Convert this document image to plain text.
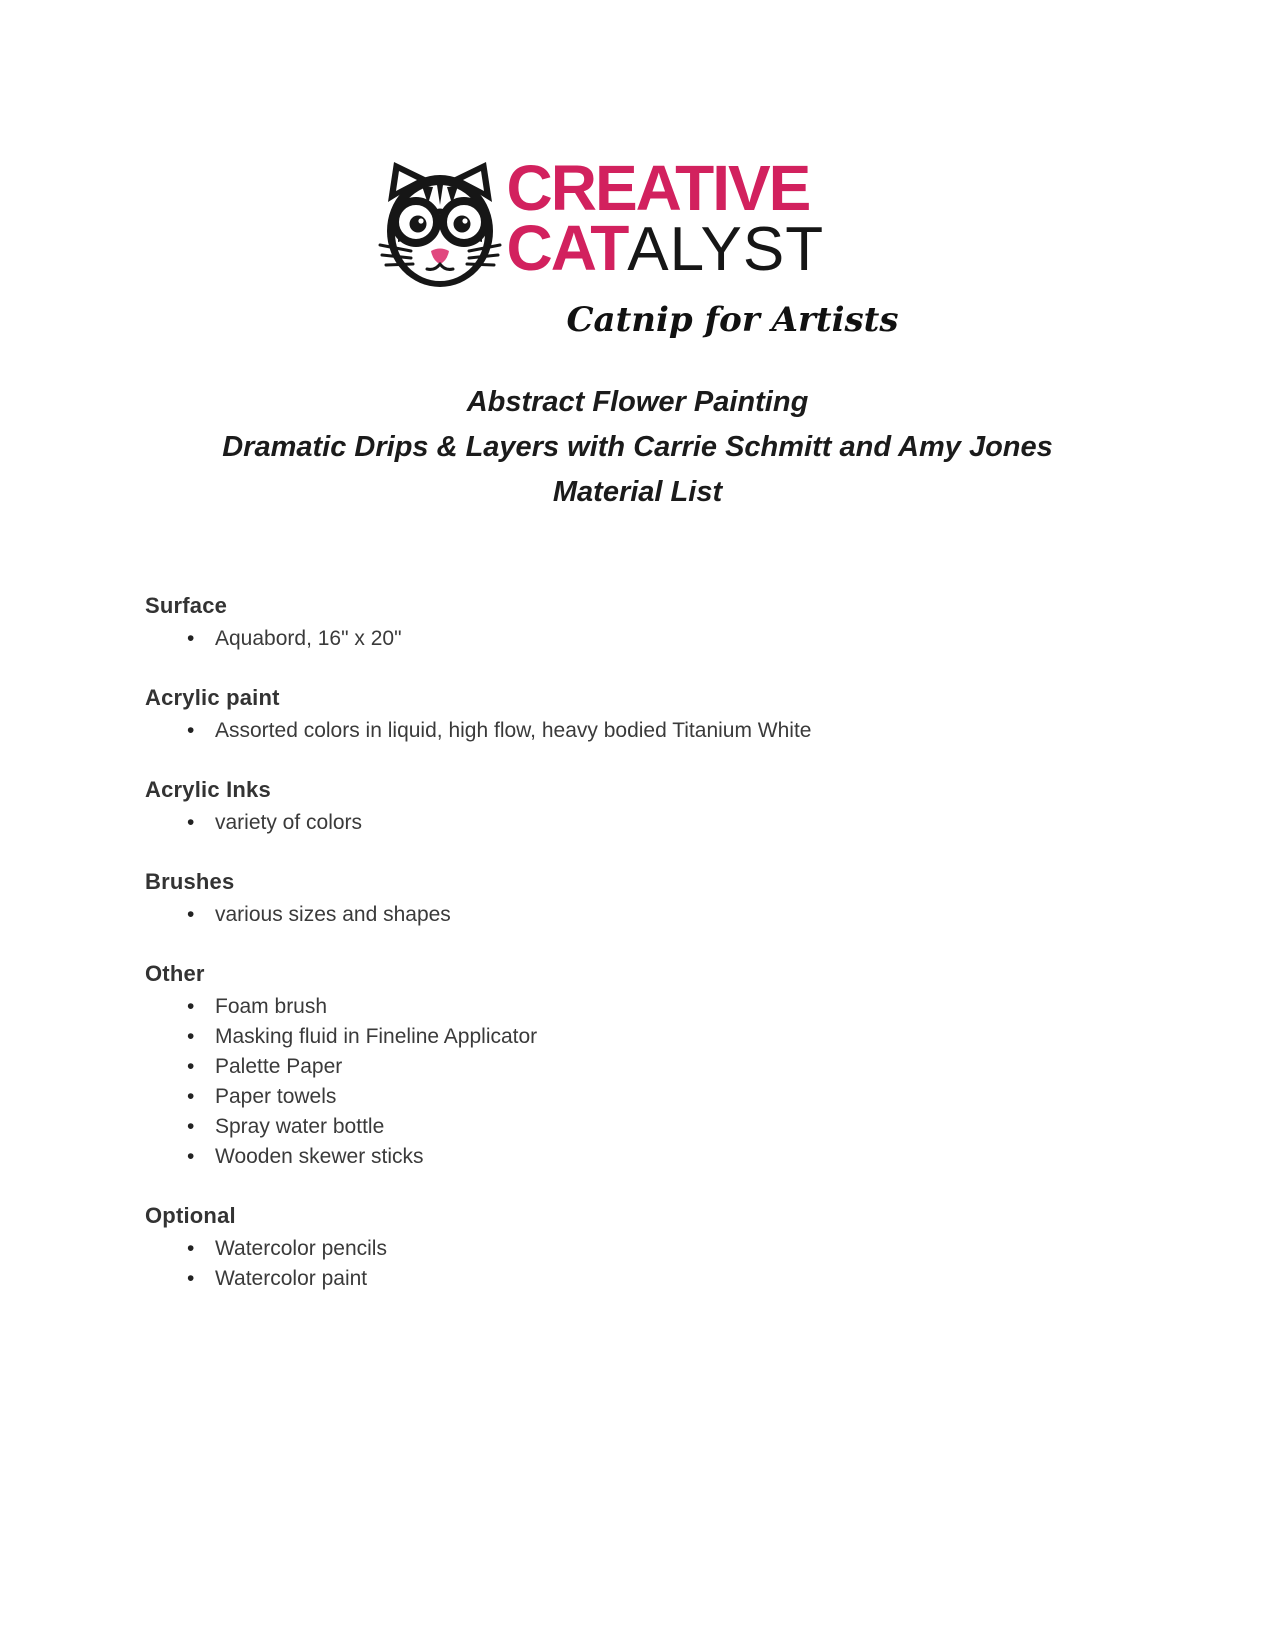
CREATIVE
CATALYST
Catnip for Artists
Abstract Flower Painting
Dramatic Drips & Layers with Carrie Schmitt and Amy Jones
Material List
Surface
• Aquabord, 16" x 20"
Acrylic paint
• Assorted colors in liquid, high flow, heavy bodied Titanium White
Acrylic Inks
• variety of colors
Brushes
• various sizes and shapes
Other
• Foam brush
• Masking fluid in Fineline Applicator
• Palette Paper
• Paper towels
• Spray water bottle
• Wooden skewer sticks
Optional
• Watercolor pencils
• Watercolor paint
